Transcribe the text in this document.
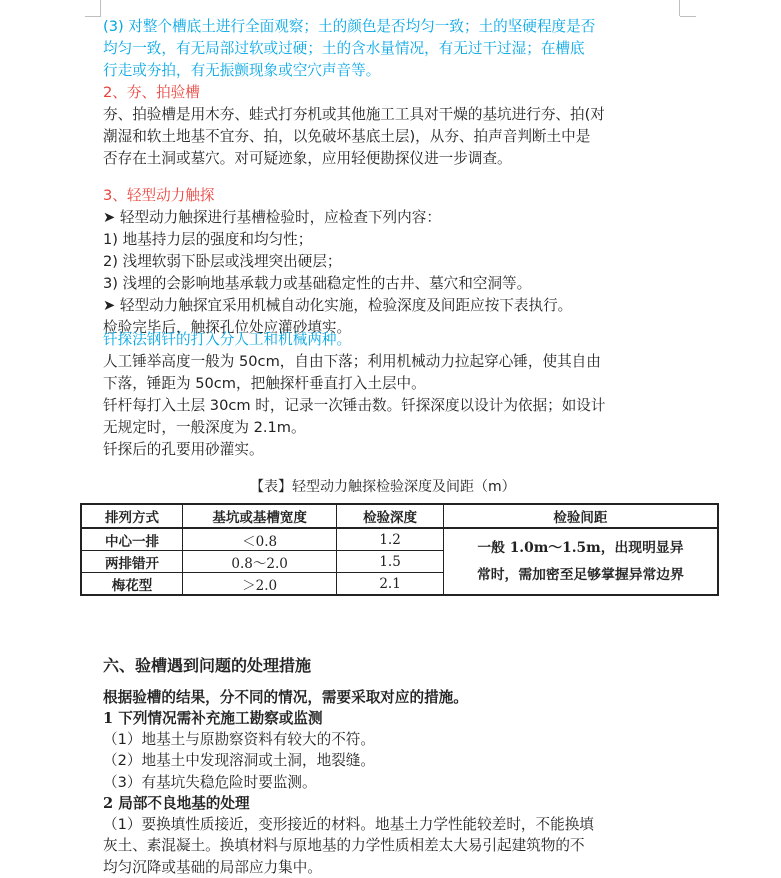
(3) 对整个槽底土进行全面观察；土的颜色是否均匀一致；土的坚硬程度是否
均匀一致，有无局部过软或过硬；土的含水量情况，有无过干过湿；在槽底
行走或夯拍，有无振颤现象或空穴声音等。
2、夯、拍验槽
夯、拍验槽是用木夯、蛙式打夯机或其他施工工具对干燥的基坑进行夯、拍(对
潮湿和软土地基不宜夯、拍，以免破坏基底土层)，从夯、拍声音判断土中是
否存在土洞或墓穴。对可疑迹象，应用轻便勘探仪进一步调查。
3、轻型动力触探
➤ 轻型动力触探进行基槽检验时，应检查下列内容：
1) 地基持力层的强度和均匀性；
2) 浅埋软弱下卧层或浅埋突出硬层；
3) 浅埋的会影响地基承载力或基础稳定性的古井、墓穴和空洞等。
➤ 轻型动力触探宜采用机械自动化实施，检验深度及间距应按下表执行。
检验完毕后，触探孔位处应灌砂填实。
钎探法钢钎的打入分人工和机械两种。
人工锤举高度一般为 50cm，自由下落；利用机械动力拉起穿心锤，使其自由
下落，锤距为 50cm，把触探杆垂直打入土层中。
钎杆每打入土层 30cm 时，记录一次锤击数。钎探深度以设计为依据；如设计
无规定时，一般深度为 2.1m。
钎探后的孔要用砂灌实。
【表】轻型动力触探检验深度及间距（m）
排列方式	基坑或基槽宽度	检验深度	检验间距
中心一排	＜0.8	1.2	一般 1.0m～1.5m，出现明显异
常时，需加密至足够掌握异常边界

两排错开	0.8～2.0	1.5	
梅花型	＞2.0	2.1	
六、验槽遇到问题的处理措施
根据验槽的结果，分不同的情况，需要采取对应的措施。
1 下列情况需补充施工勘察或监测
（1）地基土与原勘察资料有较大的不符。
（2）地基土中发现溶洞或土洞，地裂缝。
（3）有基坑失稳危险时要监测。
2 局部不良地基的处理
（1）要换填性质接近，变形接近的材料。地基土力学性能较差时，不能换填
灰土、素混凝土。换填材料与原地基的力学性质相差太大易引起建筑物的不
均匀沉降或基础的局部应力集中。
